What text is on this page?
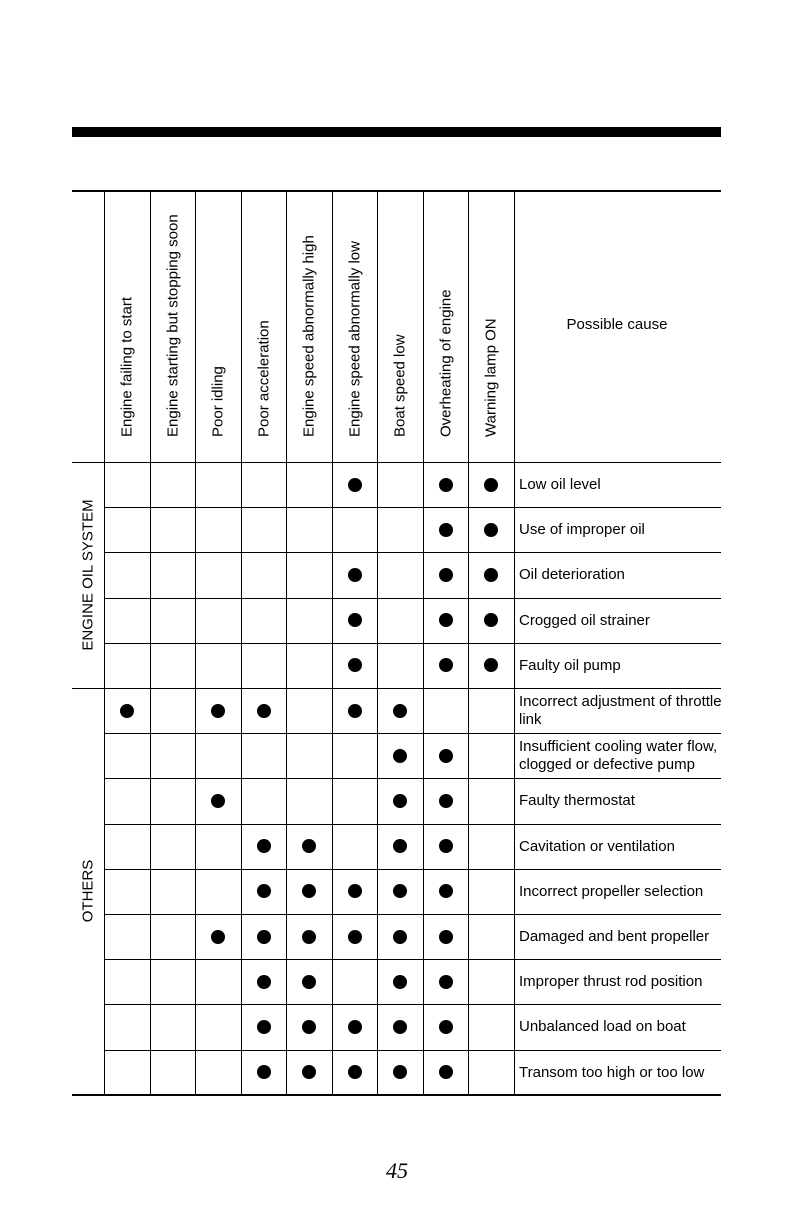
Engine failing to start Engine starting but stopping soon Poor idling Poor acceleration Engine speed abnormally high Engine speed abnormally low Boat speed low Overheating of engine Warning lamp ON	Possible cause
Low oil level
Use of improper oil
Oil deterioration
Crogged oil strainer
Faulty oil pump
Incorrect adjustment of throttle link
Insufficient cooling water flow, clogged or defective pump
Faulty thermostat
Cavitation or ventilation
Incorrect propeller selection
Damaged and bent propeller
Improper thrust rod position
Unbalanced load on boat
Transom too high or too low
ENGINE OIL SYSTEM
OTHERS
45
